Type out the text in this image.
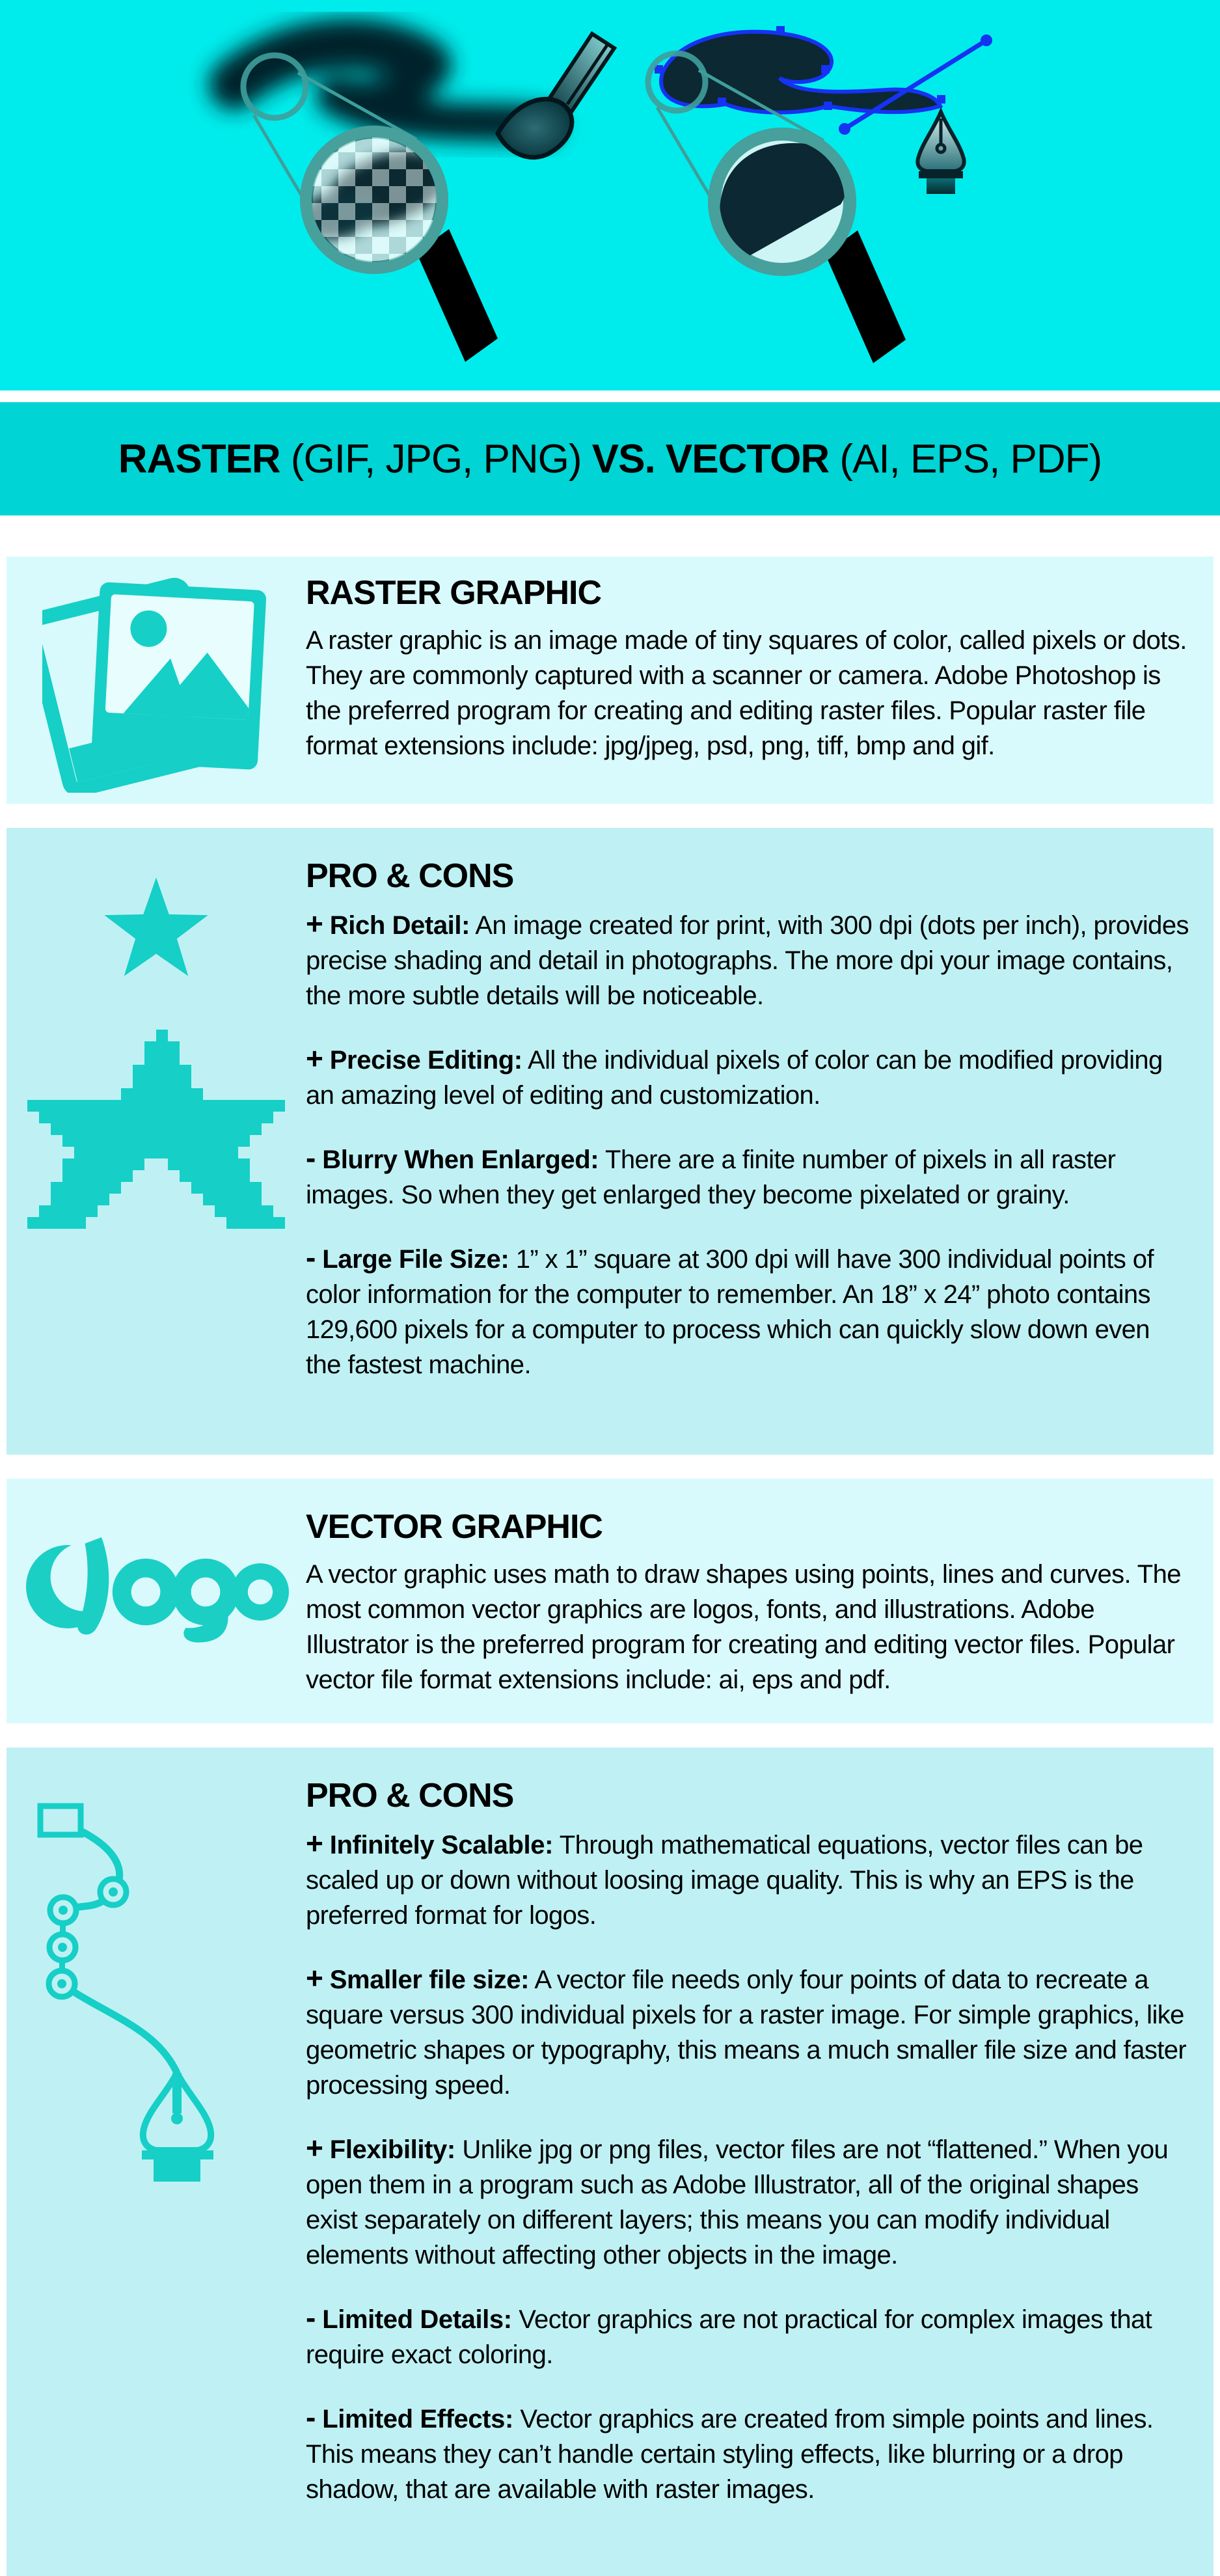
RASTER (GIF, JPG, PNG) VS. VECTOR (AI, EPS, PDF)
RASTER GRAPHIC
A raster graphic is an image made of tiny squares of color, called pixels or dots. They are commonly captured with a scanner or camera. Adobe Photoshop is the preferred program for creating and editing raster files. Popular raster file format extensions include: jpg/jpeg, psd, png, tiff, bmp and gif.
PRO & CONS

+ Rich Detail: An image created for print, with 300 dpi (dots per inch), provides precise shading and detail in photographs. The more dpi your image contains, the more subtle details will be noticeable.

+ Precise Editing: All the individual pixels of color can be modified providing an amazing level of editing and customization.

- Blurry When Enlarged: There are a finite number of pixels in all raster images. So when they get enlarged they become pixelated or grainy.

- Large File Size: 1” x 1” square at 300 dpi will have 300 individual points of color information for the computer to remember. An 18” x 24” photo contains 129,600 pixels for a computer to process which can quickly slow down even the fastest machine.

VECTOR GRAPHIC
A vector graphic uses math to draw shapes using points, lines and curves. The most common vector graphics are logos, fonts, and illustrations. Adobe Illustrator is the preferred program for creating and editing vector files. Popular vector file format extensions include: ai, eps and pdf.
PRO & CONS

+ Infinitely Scalable: Through mathematical equations, vector files can be scaled up or down without loosing image quality. This is why an EPS is the preferred format for logos.

+ Smaller file size: A vector file needs only four points of data to recreate a square versus 300 individual pixels for a raster image. For simple graphics, like geometric shapes or typography, this means a much smaller file size and faster processing speed.

+ Flexibility: Unlike jpg or png files, vector files are not “flattened.” When you open them in a program such as Adobe Illustrator, all of the original shapes exist separately on different layers; this means you can modify individual elements without affecting other objects in the image.

- Limited Details: Vector graphics are not practical for complex images that require exact coloring.

- Limited Effects: Vector graphics are created from simple points and lines. This means they can’t handle certain styling effects, like blurring or a drop shadow, that are available with raster images.
